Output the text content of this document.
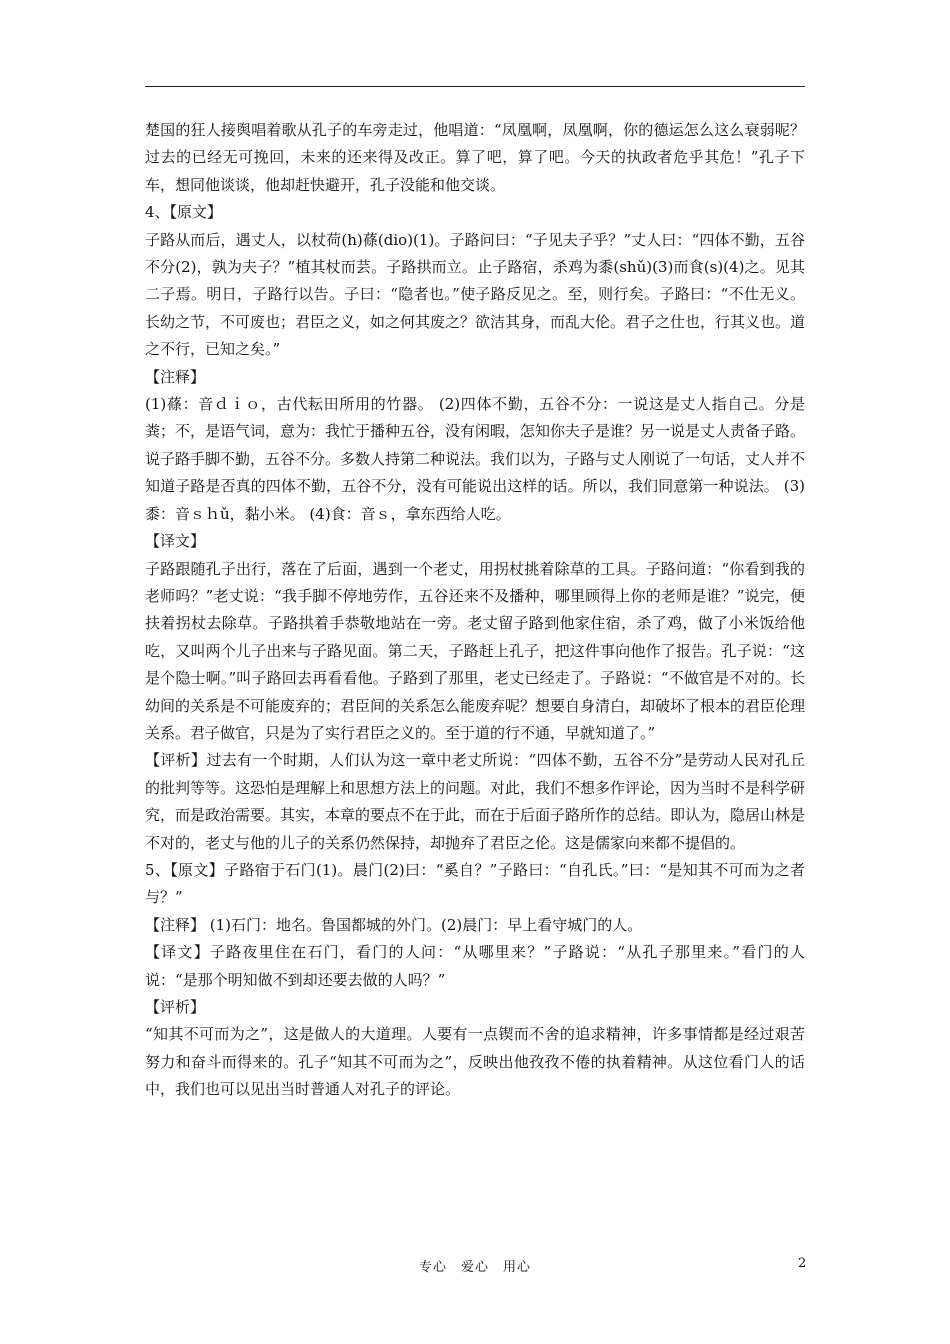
楚国的狂人接舆唱着歌从孔子的车旁走过，他唱道：“凤凰啊，凤凰啊，你的德运怎么这么衰弱呢？过去的已经无可挽回，未来的还来得及改正。算了吧，算了吧。今天的执政者危乎其危！”孔子下车，想同他谈谈，他却赶快避开，孔子没能和他交谈。

4、【原文】

子路从而后，遇丈人，以杖荷(h)蓧(dio)(1)。子路问曰：“子见夫子乎？”丈人曰：“四体不勤，五谷不分(2)，孰为夫子？”植其杖而芸。子路拱而立。止子路宿，杀鸡为黍(shǔ)(3)而食(s)(4)之。见其二子焉。明日，子路行以告。子曰：“隐者也。”使子路反见之。至，则行矣。子路曰：“不仕无义。长幼之节，不可废也；君臣之义，如之何其废之？欲洁其身，而乱大伦。君子之仕也，行其义也。道之不行，已知之矣。”

【注释】

(1)蓧：音ｄｉｏ，古代耘田所用的竹器。 (2)四体不勤，五谷不分：一说这是丈人指自己。分是粪；不，是语气词，意为：我忙于播种五谷，没有闲暇，怎知你夫子是谁？另一说是丈人责备子路。说子路手脚不勤，五谷不分。多数人持第二种说法。我们以为，子路与丈人刚说了一句话，丈人并不知道子路是否真的四体不勤，五谷不分，没有可能说出这样的话。所以，我们同意第一种说法。 (3)黍：音ｓｈǔ，黏小米。 (4)食：音ｓ，拿东西给人吃。

【译文】

子路跟随孔子出行，落在了后面，遇到一个老丈，用拐杖挑着除草的工具。子路问道：“你看到我的老师吗？”老丈说：“我手脚不停地劳作，五谷还来不及播种，哪里顾得上你的老师是谁？”说完，便扶着拐杖去除草。子路拱着手恭敬地站在一旁。老丈留子路到他家住宿，杀了鸡，做了小米饭给他吃，又叫两个儿子出来与子路见面。第二天，子路赶上孔子，把这件事向他作了报告。孔子说：“这是个隐士啊。”叫子路回去再看看他。子路到了那里，老丈已经走了。子路说：“不做官是不对的。长幼间的关系是不可能废弃的；君臣间的关系怎么能废弃呢？想要自身清白，却破坏了根本的君臣伦理关系。君子做官，只是为了实行君臣之义的。至于道的行不通，早就知道了。”

【评析】过去有一个时期，人们认为这一章中老丈所说：“四体不勤，五谷不分”是劳动人民对孔丘的批判等等。这恐怕是理解上和思想方法上的问题。对此，我们不想多作评论，因为当时不是科学研究，而是政治需要。其实，本章的要点不在于此，而在于后面子路所作的总结。即认为，隐居山林是不对的，老丈与他的儿子的关系仍然保持，却抛弃了君臣之伦。这是儒家向来都不提倡的。

5、【原文】子路宿于石门(1)。晨门(2)曰：“奚自？”子路曰：“自孔氏。”曰：“是知其不可而为之者与？”

【注释】 (1)石门：地名。鲁国都城的外门。(2)晨门：早上看守城门的人。

【译文】子路夜里住在石门，看门的人问：“从哪里来？”子路说：“从孔子那里来。”看门的人说：“是那个明知做不到却还要去做的人吗？”

【评析】

“知其不可而为之”，这是做人的大道理。人要有一点锲而不舍的追求精神，许多事情都是经过艰苦努力和奋斗而得来的。孔子“知其不可而为之”，反映出他孜孜不倦的执着精神。从这位看门人的话中，我们也可以见出当时普通人对孔子的评论。

专心　爱心　用心	2
